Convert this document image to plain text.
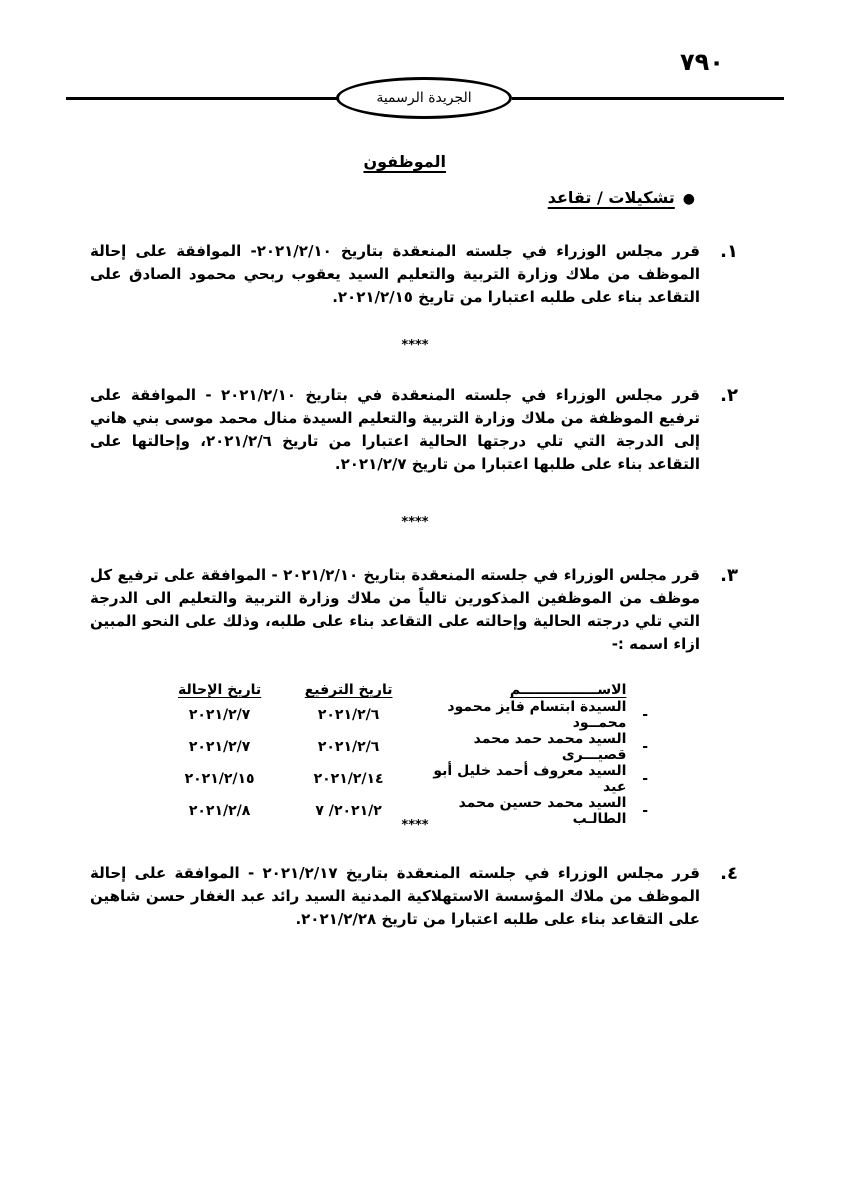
٧٩٠
الجريدة الرسمية
الموظفون
●تشكيلات / تقاعد
١.
قرر مجلس الوزراء في جلسته المنعقدة بتاريخ ٢٠٢١/٢/١٠- الموافقة على إحالة الموظف من ملاك وزارة التربية والتعليم السيد يعقوب ربحي محمود الصادق على التقاعد بناء على طلبه اعتبارا من تاريخ ٢٠٢١/٢/١٥.
****
٢.
قرر مجلس الوزراء في جلسته المنعقدة في بتاريخ ٢٠٢١/٢/١٠ - الموافقة على ترفيع الموظفة من ملاك وزارة التربية والتعليم السيدة منال محمد موسى بني هاني إلى الدرجة التي تلي درجتها الحالية اعتبارا من تاريخ ٢٠٢١/٢/٦، وإحالتها على التقاعد بناء على طلبها اعتبارا من تاريخ ٢٠٢١/٢/٧.
****
٣.
قرر مجلس الوزراء في جلسته المنعقدة بتاريخ ٢٠٢١/٢/١٠ - الموافقة على ترفيع كل موظف من الموظفين المذكورين تالياً من ملاك وزارة التربية والتعليم الى الدرجة التي تلي درجته الحالية وإحالته على التقاعد بناء على طلبه، وذلك على النحو المبين ازاء اسمه :-
	الاســــــــــــــــم	تاريخ الترفيع	تاريخ الإحالة
-	السيدة ابتسام فايز محمود محمــود	٢٠٢١/٢/٦	٢٠٢١/٢/٧
-	السيد محمد حمد محمد قصيـــرى	٢٠٢١/٢/٦	٢٠٢١/٢/٧
-	السيد معروف أحمد خليل أبو عيد	٢٠٢١/٢/١٤	٢٠٢١/٢/١٥
-	السيد محمد حسين محمد الطالـب	٢٠٢١/٢/ ٧	٢٠٢١/٢/٨
****
٤.
قرر مجلس الوزراء في جلسته المنعقدة بتاريخ ٢٠٢١/٢/١٧ - الموافقة على إحالة الموظف من ملاك المؤسسة الاستهلاكية المدنية السيد رائد عبد الغفار حسن شاهين على التقاعد بناء على طلبه اعتبارا من تاريخ ٢٠٢١/٢/٢٨.
